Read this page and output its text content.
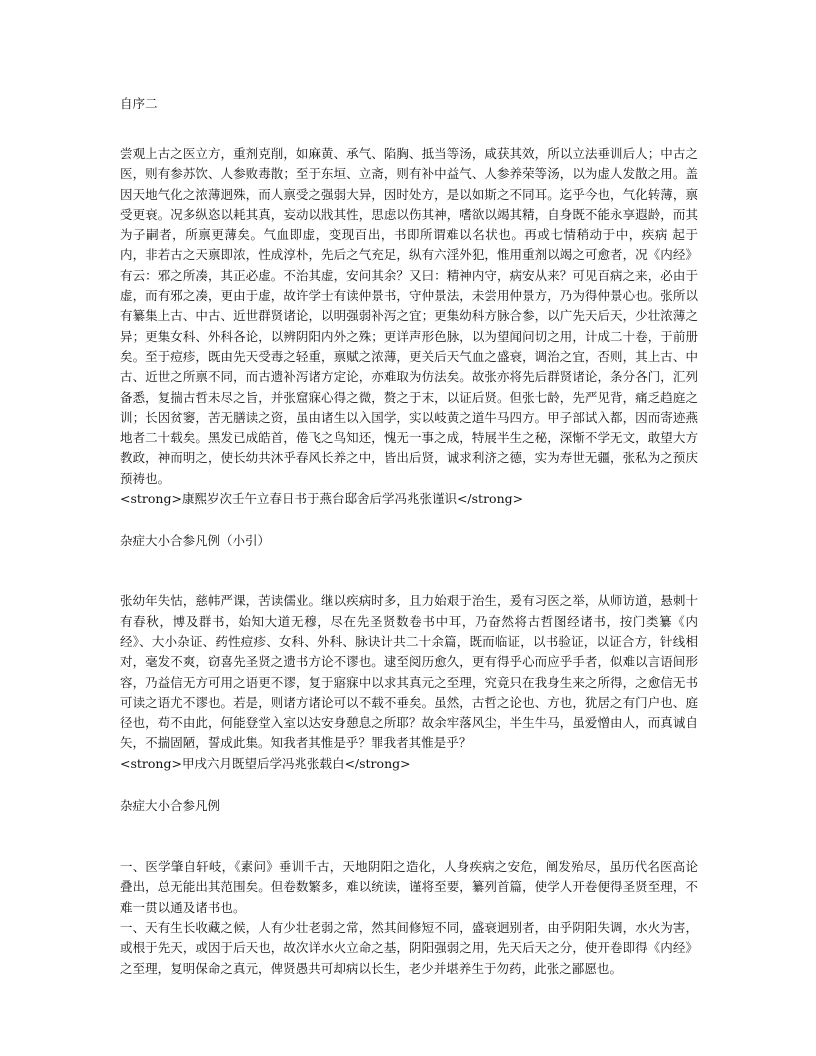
自序二

尝观上古之医立方，重剂克削，如麻黄、承气、陷胸、抵当等汤，咸获其效，所以立法垂训后人；中古之医，则有参苏饮、人参败毒散；至于东垣、立斋，则有补中益气、人参养荣等汤，以为虚人发散之用。盖因天地气化之浓薄迥殊，而人禀受之强弱大异，因时处方，是以如斯之不同耳。迄乎今也，气化转薄，禀受更衰。况多纵恣以耗其真，妄动以戕其性，思虑以伤其神，嗜欲以竭其精，自身既不能永享遐龄，而其为子嗣者，所禀更薄矣。气血即虚，变现百出，书即所谓难以名状也。再或七情稍动于中，疾病 起于内，非若古之天禀即浓，性成淳朴，先后之气充足，纵有六淫外犯，惟用重剂以竭之可愈者，况《内经》有云：邪之所凑，其正必虚。不治其虚，安问其余？又曰：精神内守，病安从来？可见百病之来，必由于虚，而有邪之凑，更由于虚，故许学士有读仲景书，守仲景法，未尝用仲景方，乃为得仲景心也。张所以有纂集上古、中古、近世群贤诸论，以明强弱补泻之宜；更集幼科方脉合参，以广先天后天，少壮浓薄之异；更集女科、外科各论，以辨阴阳内外之殊；更详声形色脉，以为望闻问切之用，计成二十卷，于前册矣。至于痘疹，既由先天受毒之轻重，禀赋之浓薄，更关后天气血之盛衰，调治之宜，否则，其上古、中古、近世之所禀不同，而古遗补泻诸方定论，亦难取为仿法矣。故张亦将先后群贤诸论，条分各门，汇列备悉，复揣古哲未尽之旨，并张窟寐心得之微，赘之于末，以证后贤。但张七龄，先严见背，痛乏趋庭之训；长因贫窭，苦无膳读之资，虽由诸生以入国学，实以岐黄之道牛马四方。甲子部试入都，因而寄迹燕地者二十载矣。黑发已成皓首，倦飞之鸟知还，愧无一事之成，特展半生之秘，深惭不学无文，敢望大方教政，神而明之，使长幼共沐乎春风长养之中，皆出后贤，诚求利济之德，实为寿世无疆，张私为之预庆预祷也。

<strong>康熙岁次壬午立春日书于燕台邸舍后学冯兆张谨识</strong>

杂症大小合参凡例（小引）

张幼年失怙，慈帏严课，苦读儒业。继以疾病时多，且力始艰于治生，爰有习医之举，从师访道，悬刺十有春秋，博及群书，始知大道无穆，尽在先圣贤数卷书中耳，乃奋然将古哲图经诸书，按门类纂《内经》、大小杂证、药性痘疹、女科、外科、脉诀计共二十余篇，既而临证，以书验证，以证合方，针线相对，毫发不爽，窃喜先圣贤之遗书方论不谬也。逮至阅历愈久，更有得乎心而应乎手者，似难以言语间形容，乃益信无方可用之语更不谬，复于寤寐中以求其真元之至理，究竟只在我身生来之所得，之愈信无书可读之语尤不谬也。若是，则诸方诸论可以不载不垂矣。虽然，古哲之论也、方也，犹居之有门户也、庭径也，苟不由此，何能登堂入室以达安身憩息之所耶？故余牢落风尘，半生牛马，虽爱憎由人，而真诚自矢，不揣固陋，誓成此集。知我者其惟是乎？罪我者其惟是乎？

<strong>甲戌六月既望后学冯兆张载白</strong>

杂症大小合参凡例

一、医学肇自轩岐，《素问》垂训千古，天地阴阳之造化，人身疾病之安危，阐发殆尽，虽历代名医高论叠出，总无能出其范围矣。但卷数繁多，难以统读，谨将至要，纂列首篇，使学人开卷便得圣贤至理，不难一贯以通及诸书也。

一、天有生长收藏之候，人有少壮老弱之常，然其间修短不同，盛衰迥别者，由乎阴阳失调，水火为害，或根于先天，或因于后天也，故次详水火立命之基，阴阳强弱之用，先天后天之分，使开卷即得《内经》之至理，复明保命之真元，俾贤愚共可却病以长生，老少并堪养生于勿药，此张之鄙愿也。
